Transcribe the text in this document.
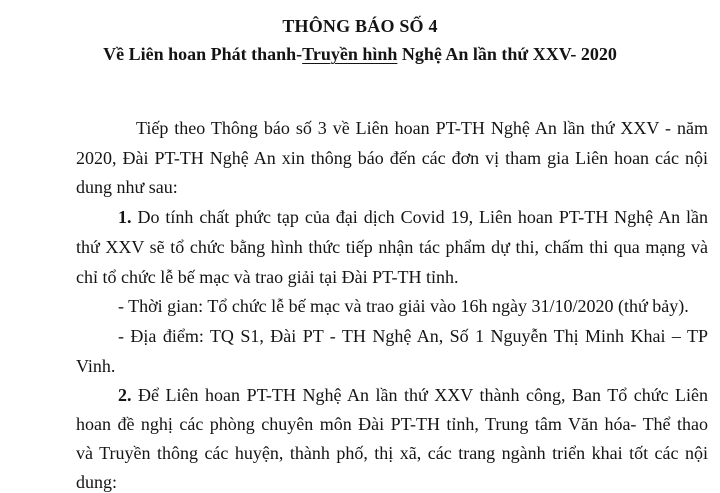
THÔNG BÁO SỐ 4
Về Liên hoan Phát thanh-Truyền hình Nghệ An lần thứ XXV- 2020
Tiếp theo Thông báo số 3 về Liên hoan PT-TH Nghệ An lần thứ XXV - năm
2020, Đài PT-TH Nghệ An xin thông báo đến các đơn vị tham gia Liên hoan các nội
dung như sau:
1. Do tính chất phức tạp của đại dịch Covid 19, Liên hoan PT-TH Nghệ An lần
thứ XXV sẽ tổ chức bằng hình thức tiếp nhận tác phẩm dự thi, chấm thi qua mạng và
chỉ tổ chức lễ bế mạc và trao giải tại Đài PT-TH tỉnh.
- Thời gian: Tổ chức lễ bế mạc và trao giải vào 16h ngày 31/10/2020 (thứ bảy).
- Địa điểm: TQ S1, Đài PT - TH Nghệ An, Số 1 Nguyễn Thị Minh Khai – TP
Vinh.
2. Để Liên hoan PT-TH Nghệ An lần thứ XXV thành công, Ban Tổ chức Liên
hoan đề nghị các phòng chuyên môn Đài PT-TH tỉnh, Trung tâm Văn hóa- Thể thao
và Truyền thông các huyện, thành phố, thị xã, các trang ngành triển khai tốt các nội
dung:
